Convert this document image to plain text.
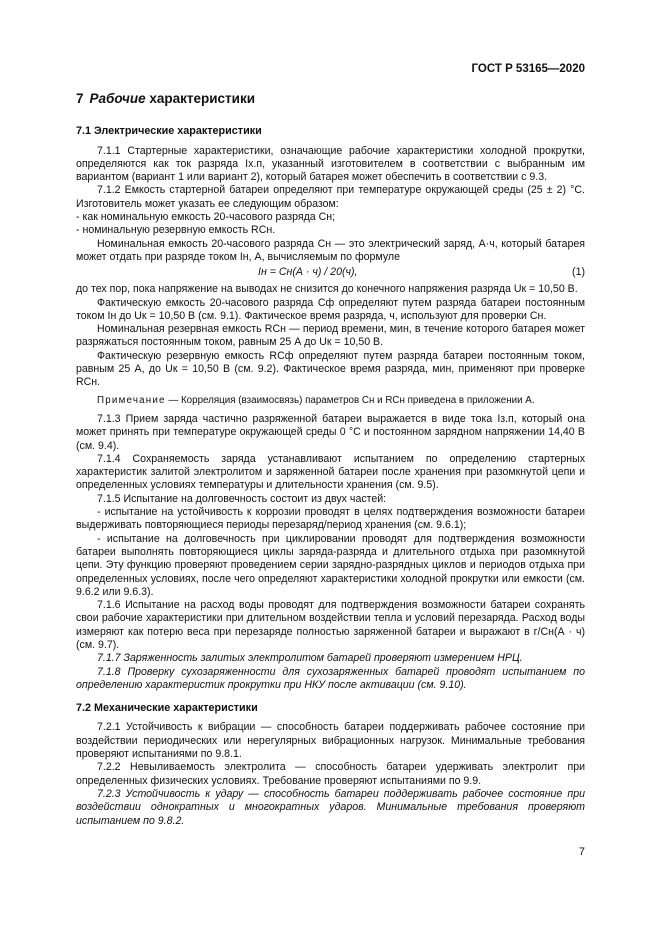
ГОСТ Р 53165—2020
7 Рабочие характеристики
7.1 Электрические характеристики

7.1.1 Стартерные характеристики, означающие рабочие характеристики холодной прокрутки, определяются как ток разряда Iх.п, указанный изготовителем в соответствии с выбранным им вариантом (вариант 1 или вариант 2), который батарея может обеспечить в соответствии с 9.3.

7.1.2 Емкость стартерной батареи определяют при температуре окружающей среды (25 ± 2) °С. Изготовитель может указать ее следующим образом:

- как номинальную емкость 20-часового разряда Сн;

- номинальную резервную емкость RCн.

Номинальная емкость 20-часового разряда Сн — это электрический заряд, А·ч, который батарея может отдать при разряде током Iн, А, вычисляемым по формуле

Iн = Сн(А · ч) / 20(ч),	(1)

до тех пор, пока напряжение на выводах не снизится до конечного напряжения разряда Uк = 10,50 В.

Фактическую емкость 20-часового разряда Сф определяют путем разряда батареи постоянным током Iн до Uк = 10,50 В (см. 9.1). Фактическое время разряда, ч, используют для проверки Сн.

Номинальная резервная емкость RCн — период времени, мин, в течение которого батарея может разряжаться постоянным током, равным 25 А до Uк = 10,50 В.

Фактическую резервную емкость RCф определяют путем разряда батареи постоянным током, равным 25 А, до Uк = 10,50 В (см. 9.2). Фактическое время разряда, мин, применяют при проверке RCн.

Примечание — Корреляция (взаимосвязь) параметров Сн и RCн приведена в приложении А.

7.1.3 Прием заряда частично разряженной батареи выражается в виде тока Iз.п, который она может принять при температуре окружающей среды 0 °С и постоянном зарядном напряжении 14,40 В (см. 9.4).

7.1.4 Сохраняемость заряда устанавливают испытанием по определению стартерных характеристик залитой электролитом и заряженной батареи после хранения при разомкнутой цепи и определенных условиях температуры и длительности хранения (см. 9.5).

7.1.5 Испытание на долговечность состоит из двух частей:

- испытание на устойчивость к коррозии проводят в целях подтверждения возможности батареи выдерживать повторяющиеся периоды перезаряд/период хранения (см. 9.6.1);

- испытание на долговечность при циклировании проводят для подтверждения возможности батареи выполнять повторяющиеся циклы заряда-разряда и длительного отдыха при разомкнутой цепи. Эту функцию проверяют проведением серии зарядно-разрядных циклов и периодов отдыха при определенных условиях, после чего определяют характеристики холодной прокрутки или емкости (см. 9.6.2 или 9.6.3).

7.1.6 Испытание на расход воды проводят для подтверждения возможности батареи сохранять свои рабочие характеристики при длительном воздействии тепла и условий перезаряда. Расход воды измеряют как потерю веса при перезаряде полностью заряженной батареи и выражают в г/Сн(А · ч) (см. 9.7).

7.1.7 Заряженность залитых электролитом батарей проверяют измерением НРЦ.

7.1.8 Проверку сухозаряженности для сухозаряженных батарей проводят испытанием по определению характеристик прокрутки при НКУ после активации (см. 9.10).

7.2 Механические характеристики

7.2.1 Устойчивость к вибрации — способность батареи поддерживать рабочее состояние при воздействии периодических или нерегулярных вибрационных нагрузок. Минимальные требования проверяют испытаниями по 9.8.1.

7.2.2 Невыливаемость электролита — способность батареи удерживать электролит при определенных физических условиях. Требование проверяют испытаниями по 9.9.

7.2.3 Устойчивость к удару — способность батареи поддерживать рабочее состояние при воздействии однократных и многократных ударов. Минимальные требования проверяют испытанием по 9.8.2.

7
